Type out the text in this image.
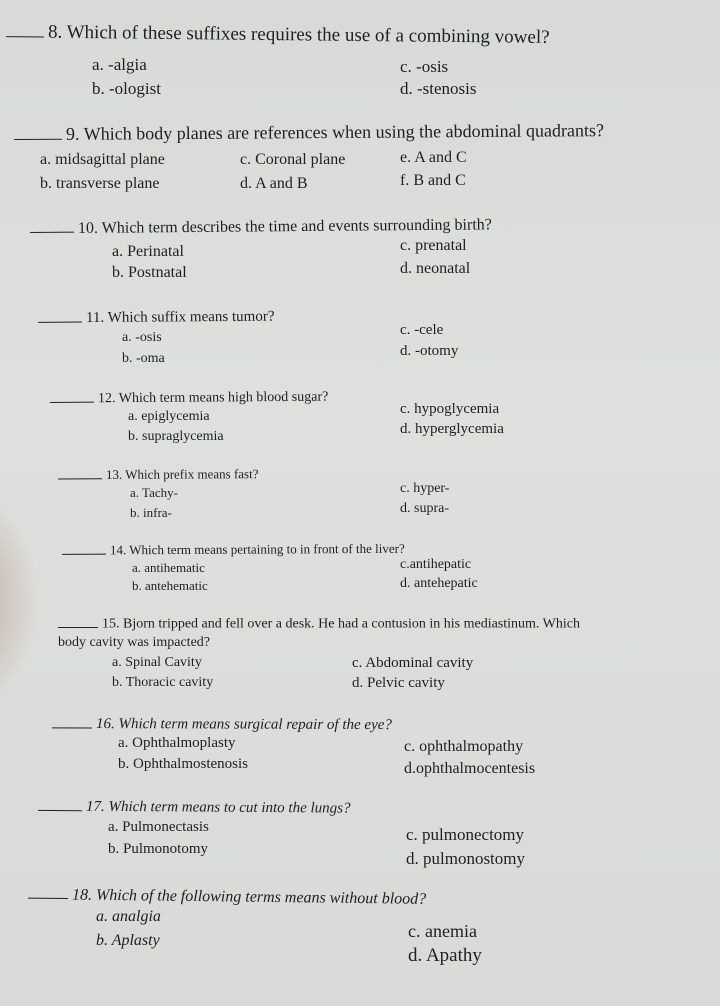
8. Which of these suffixes requires the use of a combining vowel?
a. -algia
b. -ologist
c. -osis
d. -stenosis
9. Which body planes are references when using the abdominal quadrants?
a. midsagittal plane
b. transverse plane
c. Coronal plane
d. A and B
e. A and C
f. B and C
10. Which term describes the time and events surrounding birth?
a. Perinatal
b. Postnatal
c. prenatal
d. neonatal
11. Which suffix means tumor?
a. -osis
b. -oma
c. -cele
d. -otomy
12. Which term means high blood sugar?
a. epiglycemia
b. supraglycemia
c. hypoglycemia
d. hyperglycemia
13. Which prefix means fast?
a. Tachy-
b. infra-
c. hyper-
d. supra-
14. Which term means pertaining to in front of the liver?
a. antihematic
b. antehematic
c.antihepatic
d. antehepatic
15. Bjorn tripped and fell over a desk. He had a contusion in his mediastinum. Which
body cavity was impacted?
a. Spinal Cavity
b. Thoracic cavity
c. Abdominal cavity
d. Pelvic cavity
16. Which term means surgical repair of the eye?
a. Ophthalmoplasty
b. Ophthalmostenosis
c. ophthalmopathy
d.ophthalmocentesis
17. Which term means to cut into the lungs?
a. Pulmonectasis
b. Pulmonotomy
c. pulmonectomy
d. pulmonostomy
18. Which of the following terms means without blood?
a. analgia
b. Aplasty	c. anemia
d. Apathy
